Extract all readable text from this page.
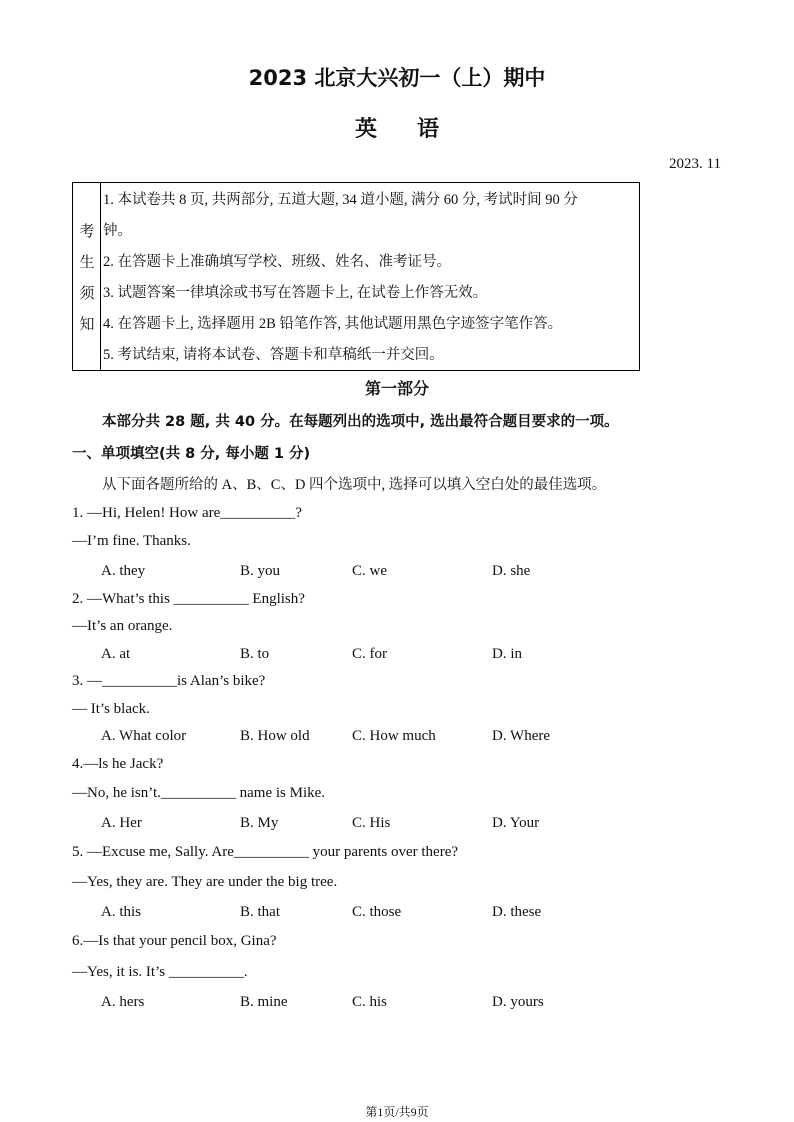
2023 北京大兴初一（上）期中
英语
2023. 11
考
生
须
知
1. 本试卷共 8 页, 共两部分, 五道大题, 34 道小题, 满分 60 分, 考试时间 90 分
钟。
2. 在答题卡上准确填写学校、班级、姓名、准考证号。
3. 试题答案一律填涂或书写在答题卡上, 在试卷上作答无效。
4. 在答题卡上, 选择题用 2B 铅笔作答, 其他试题用黑色字迹签字笔作答。
5. 考试结束, 请将本试卷、答题卡和草稿纸一并交回。
第一部分
本部分共 28 题, 共 40 分。在每题列出的选项中, 选出最符合题目要求的一项。
一、单项填空(共 8 分, 每小题 1 分)
从下面各题所给的 A、B、C、D 四个选项中, 选择可以填入空白处的最佳选项。
1. —Hi, Helen! How are__________?
—I’m fine. Thanks.
A. they	B. you	C. we	D. she
2. —What’s this __________ English?
—It’s an orange.
A. at	B. to	C. for	D. in
3. —__________is Alan’s bike?
— It’s black.
A. What color	B. How old	C. How much	D. Where
4.—ls he Jack?
—No, he isn’t.__________ name is Mike.
A. Her	B. My	C. His	D. Your
5. —Excuse me, Sally. Are__________ your parents over there?
—Yes, they are. They are under the big tree.
A. this	B. that	C. those	D. these
6.—Is that your pencil box, Gina?
—Yes, it is. It’s __________.
A. hers	B. mine	C. his	D. yours
第1页/共9页
